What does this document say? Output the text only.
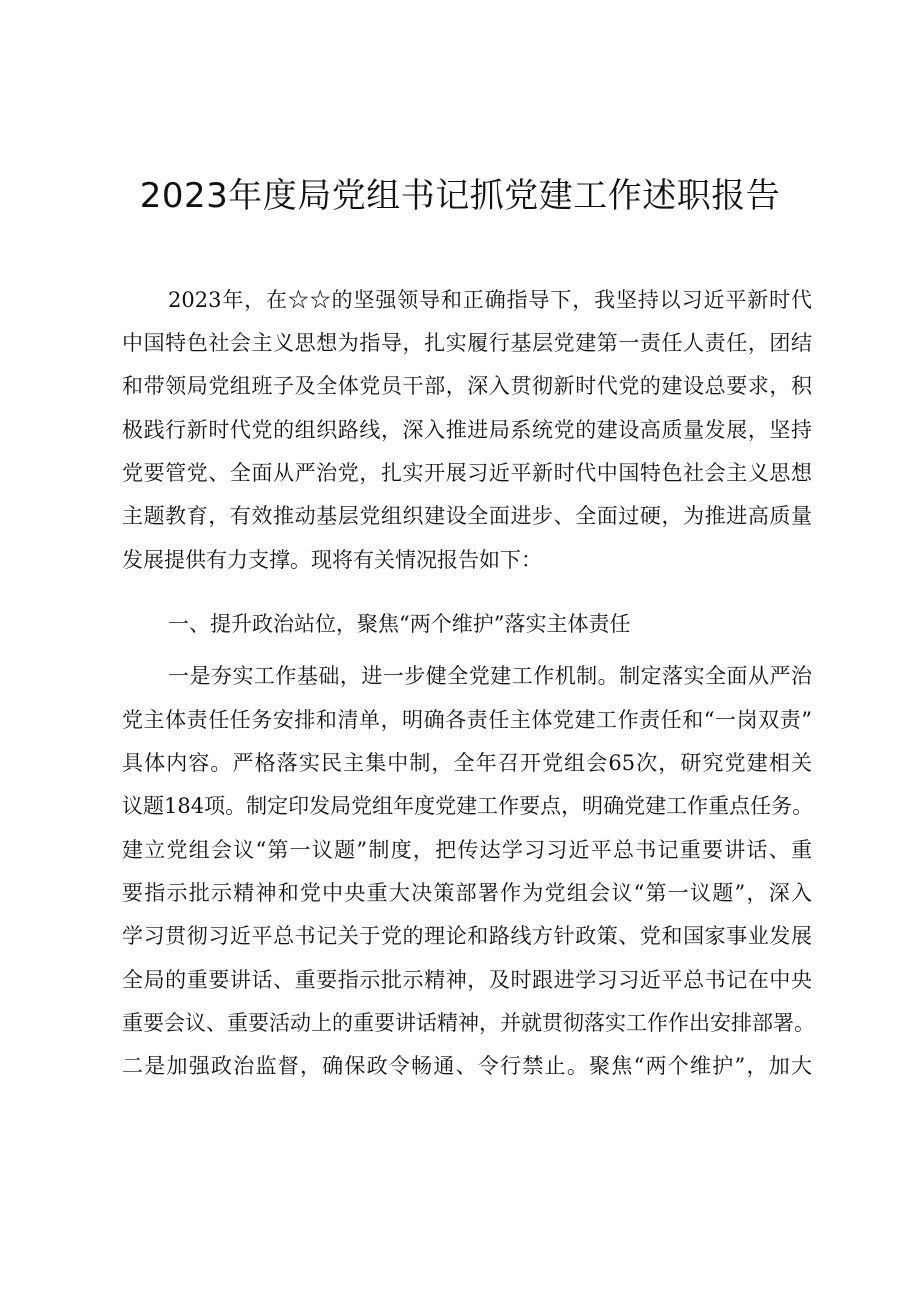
2023年度局党组书记抓党建工作述职报告

2023年，在☆☆的坚强领导和正确指导下，我坚持以习近平新时代

中国特色社会主义思想为指导，扎实履行基层党建第一责任人责任，团结

和带领局党组班子及全体党员干部，深入贯彻新时代党的建设总要求，积

极践行新时代党的组织路线，深入推进局系统党的建设高质量发展，坚持

党要管党、全面从严治党，扎实开展习近平新时代中国特色社会主义思想

主题教育，有效推动基层党组织建设全面进步、全面过硬，为推进高质量

发展提供有力支撑。现将有关情况报告如下：

一、提升政治站位，聚焦“两个维护”落实主体责任

一是夯实工作基础，进一步健全党建工作机制。制定落实全面从严治

党主体责任任务安排和清单，明确各责任主体党建工作责任和“一岗双责”

具体内容。严格落实民主集中制，全年召开党组会65次，研究党建相关

议题184项。制定印发局党组年度党建工作要点，明确党建工作重点任务。

建立党组会议“第一议题”制度，把传达学习习近平总书记重要讲话、重

要指示批示精神和党中央重大决策部署作为党组会议“第一议题”，深入

学习贯彻习近平总书记关于党的理论和路线方针政策、党和国家事业发展

全局的重要讲话、重要指示批示精神，及时跟进学习习近平总书记在中央

重要会议、重要活动上的重要讲话精神，并就贯彻落实工作作出安排部署。

二是加强政治监督，确保政令畅通、令行禁止。聚焦“两个维护”，加大
